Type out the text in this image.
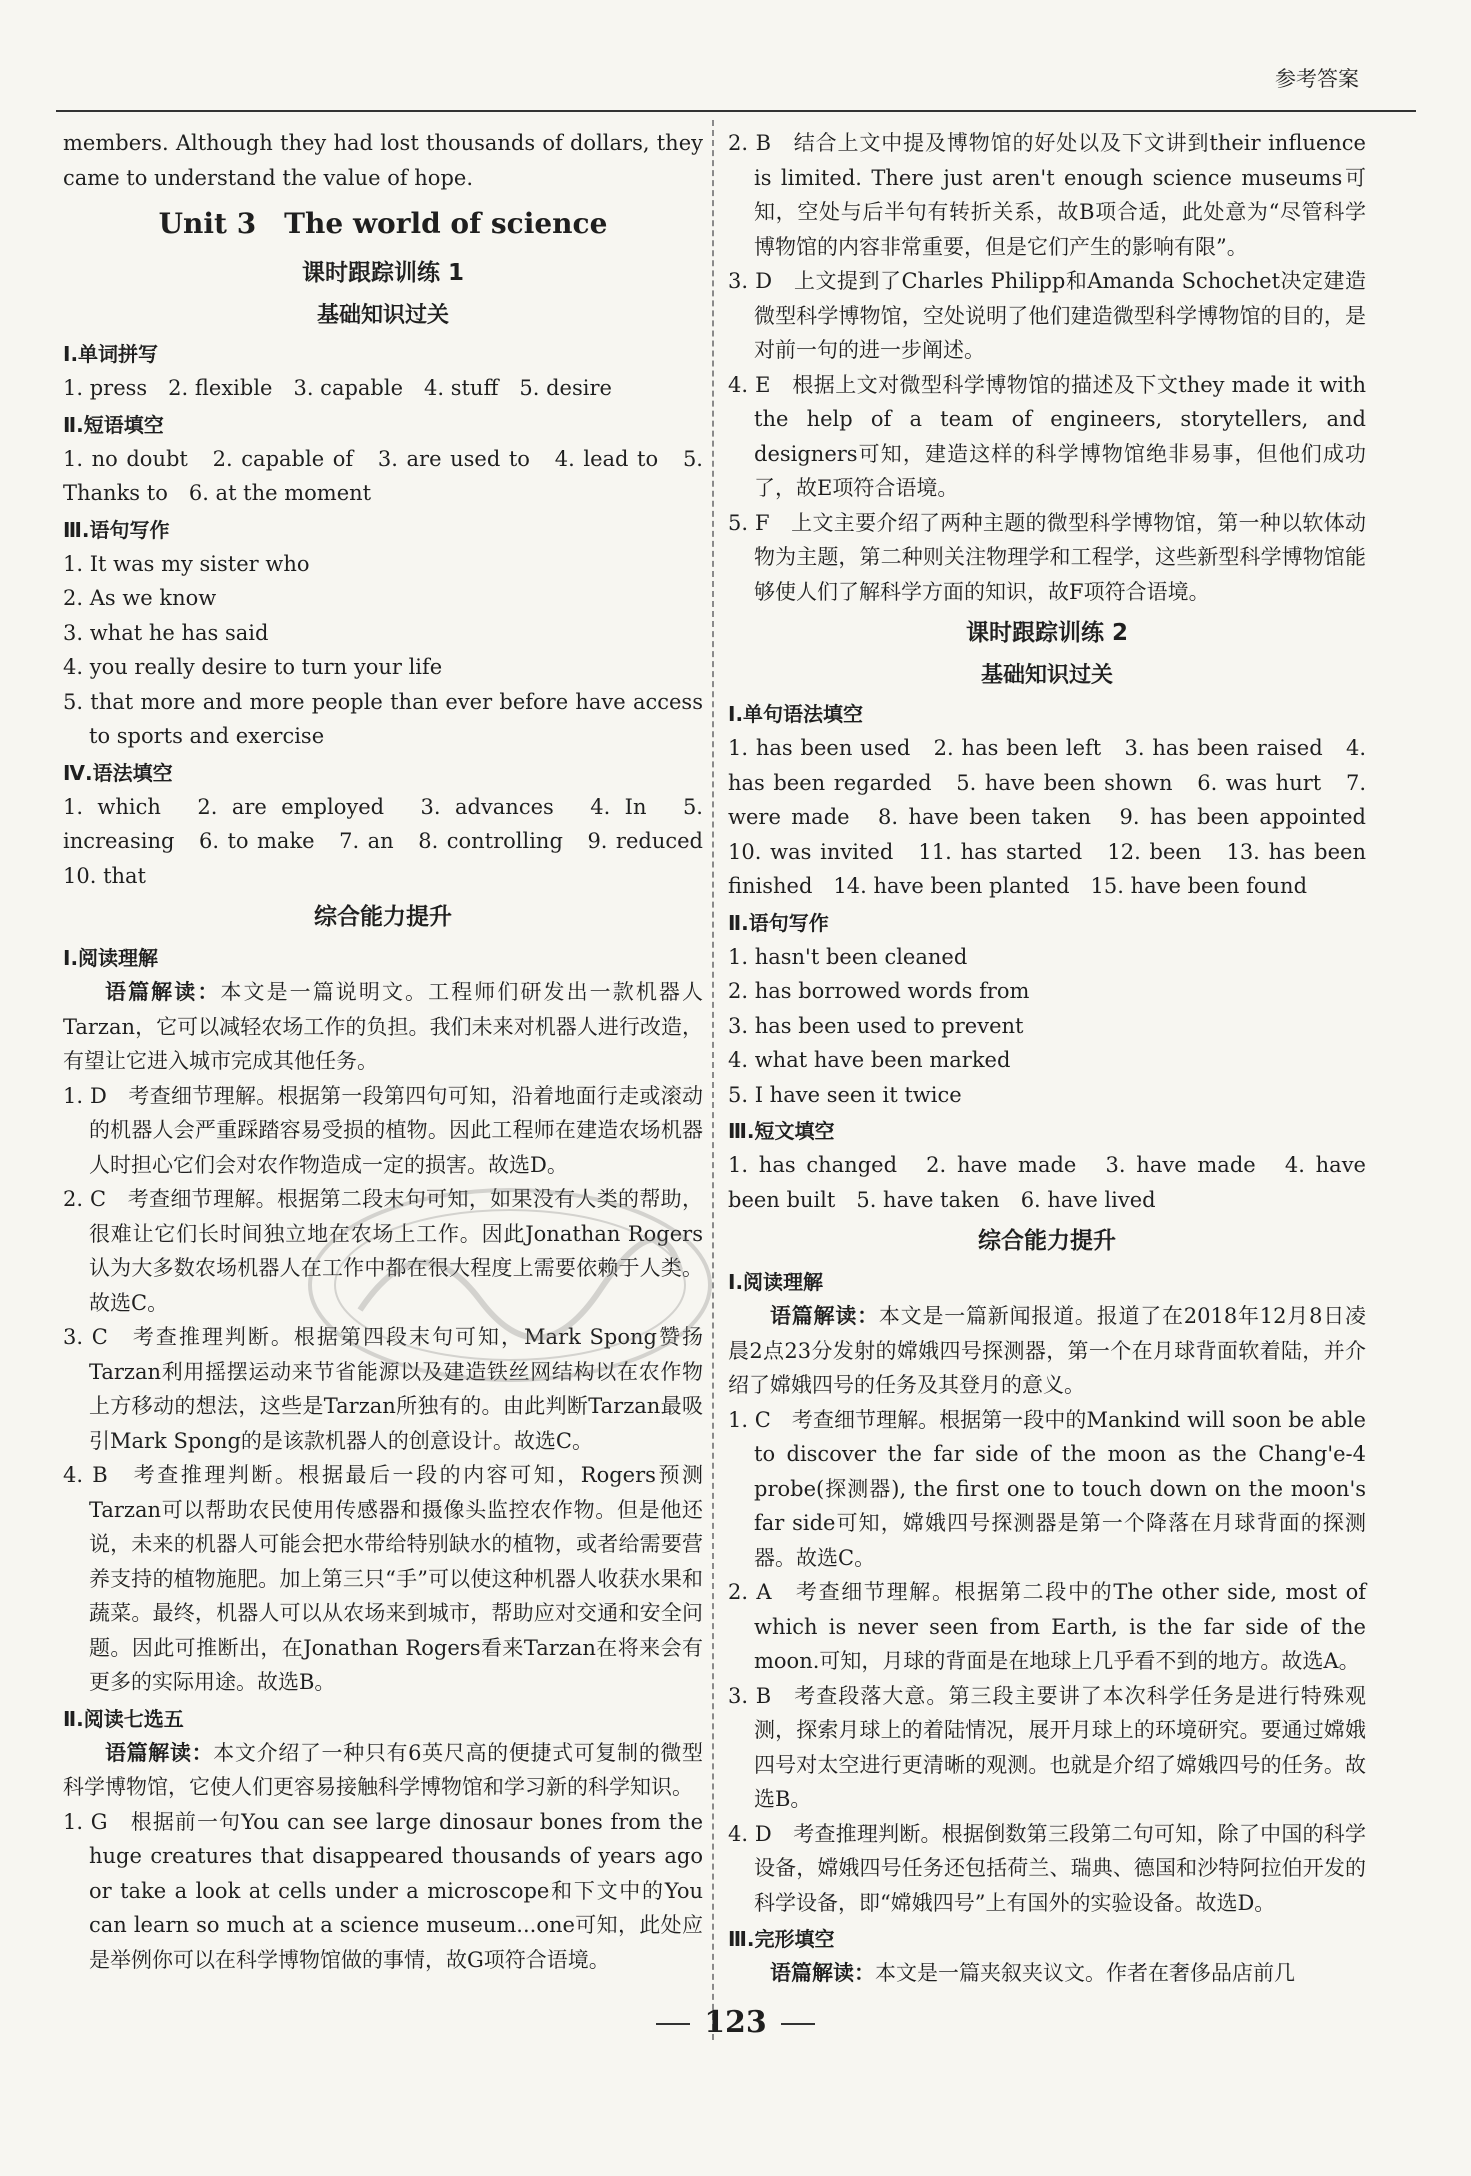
参考答案

members. Although they had lost thousands of dollars, they came to understand the value of hope.

Unit 3　The world of science
课时跟踪训练 1
基础知识过关
Ⅰ.单词拼写

1. press　2. flexible　3. capable　4. stuff　5. desire

Ⅱ.短语填空

1. no doubt　2. capable of　3. are used to　4. lead to　5. Thanks to　6. at the moment

Ⅲ.语句写作

1. It was my sister who

2. As we know

3. what he has said

4. you really desire to turn your life

5. that more and more people than ever before have access to sports and exercise

Ⅳ.语法填空

1. which　2. are employed　3. advances　4. In　5. increasing　6. to make　7. an　8. controlling　9. reduced　10. that

综合能力提升
Ⅰ.阅读理解

语篇解读：本文是一篇说明文。工程师们研发出一款机器人Tarzan，它可以减轻农场工作的负担。我们未来对机器人进行改造，有望让它进入城市完成其他任务。

1. D　考查细节理解。根据第一段第四句可知，沿着地面行走或滚动的机器人会严重踩踏容易受损的植物。因此工程师在建造农场机器人时担心它们会对农作物造成一定的损害。故选D。

2. C　考查细节理解。根据第二段末句可知，如果没有人类的帮助，很难让它们长时间独立地在农场上工作。因此Jonathan Rogers认为大多数农场机器人在工作中都在很大程度上需要依赖于人类。故选C。

3. C　考查推理判断。根据第四段末句可知，Mark Spong赞扬Tarzan利用摇摆运动来节省能源以及建造铁丝网结构以在农作物上方移动的想法，这些是Tarzan所独有的。由此判断Tarzan最吸引Mark Spong的是该款机器人的创意设计。故选C。

4. B　考查推理判断。根据最后一段的内容可知，Rogers预测Tarzan可以帮助农民使用传感器和摄像头监控农作物。但是他还说，未来的机器人可能会把水带给特别缺水的植物，或者给需要营养支持的植物施肥。加上第三只“手”可以使这种机器人收获水果和蔬菜。最终，机器人可以从农场来到城市，帮助应对交通和安全问题。因此可推断出，在Jonathan Rogers看来Tarzan在将来会有更多的实际用途。故选B。

Ⅱ.阅读七选五

语篇解读：本文介绍了一种只有6英尺高的便捷式可复制的微型科学博物馆，它使人们更容易接触科学博物馆和学习新的科学知识。

1. G　根据前一句You can see large dinosaur bones from the huge creatures that disappeared thousands of years ago or take a look at cells under a microscope和下文中的You can learn so much at a science museum...one可知，此处应是举例你可以在科学博物馆做的事情，故G项符合语境。

2. B　结合上文中提及博物馆的好处以及下文讲到their influence is limited. There just aren't enough science museums可知，空处与后半句有转折关系，故B项合适，此处意为“尽管科学博物馆的内容非常重要，但是它们产生的影响有限”。

3. D　上文提到了Charles Philipp和Amanda Schochet决定建造微型科学博物馆，空处说明了他们建造微型科学博物馆的目的，是对前一句的进一步阐述。

4. E　根据上文对微型科学博物馆的描述及下文they made it with the help of a team of engineers, storytellers, and designers可知，建造这样的科学博物馆绝非易事，但他们成功了，故E项符合语境。

5. F　上文主要介绍了两种主题的微型科学博物馆，第一种以软体动物为主题，第二种则关注物理学和工程学，这些新型科学博物馆能够使人们了解科学方面的知识，故F项符合语境。

课时跟踪训练 2
基础知识过关
Ⅰ.单句语法填空

1. has been used　2. has been left　3. has been raised　4. has been regarded　5. have been shown　6. was hurt　7. were made　8. have been taken　9. has been appointed　10. was invited　11. has started　12. been　13. has been finished　14. have been planted　15. have been found

Ⅱ.语句写作

1. hasn't been cleaned

2. has borrowed words from

3. has been used to prevent

4. what have been marked

5. I have seen it twice

Ⅲ.短文填空

1. has changed　2. have made　3. have made　4. have been built　5. have taken　6. have lived

综合能力提升
Ⅰ.阅读理解

语篇解读：本文是一篇新闻报道。报道了在2018年12月8日凌晨2点23分发射的嫦娥四号探测器，第一个在月球背面软着陆，并介绍了嫦娥四号的任务及其登月的意义。

1. C　考查细节理解。根据第一段中的Mankind will soon be able to discover the far side of the moon as the Chang'e-4 probe(探测器), the first one to touch down on the moon's far side可知，嫦娥四号探测器是第一个降落在月球背面的探测器。故选C。

2. A　考查细节理解。根据第二段中的The other side, most of which is never seen from Earth, is the far side of the moon.可知，月球的背面是在地球上几乎看不到的地方。故选A。

3. B　考查段落大意。第三段主要讲了本次科学任务是进行特殊观测，探索月球上的着陆情况，展开月球上的环境研究。要通过嫦娥四号对太空进行更清晰的观测。也就是介绍了嫦娥四号的任务。故选B。

4. D　考查推理判断。根据倒数第三段第二句可知，除了中国的科学设备，嫦娥四号任务还包括荷兰、瑞典、德国和沙特阿拉伯开发的科学设备，即“嫦娥四号”上有国外的实验设备。故选D。

Ⅲ.完形填空

语篇解读：本文是一篇夹叙夹议文。作者在奢侈品店前几

123
